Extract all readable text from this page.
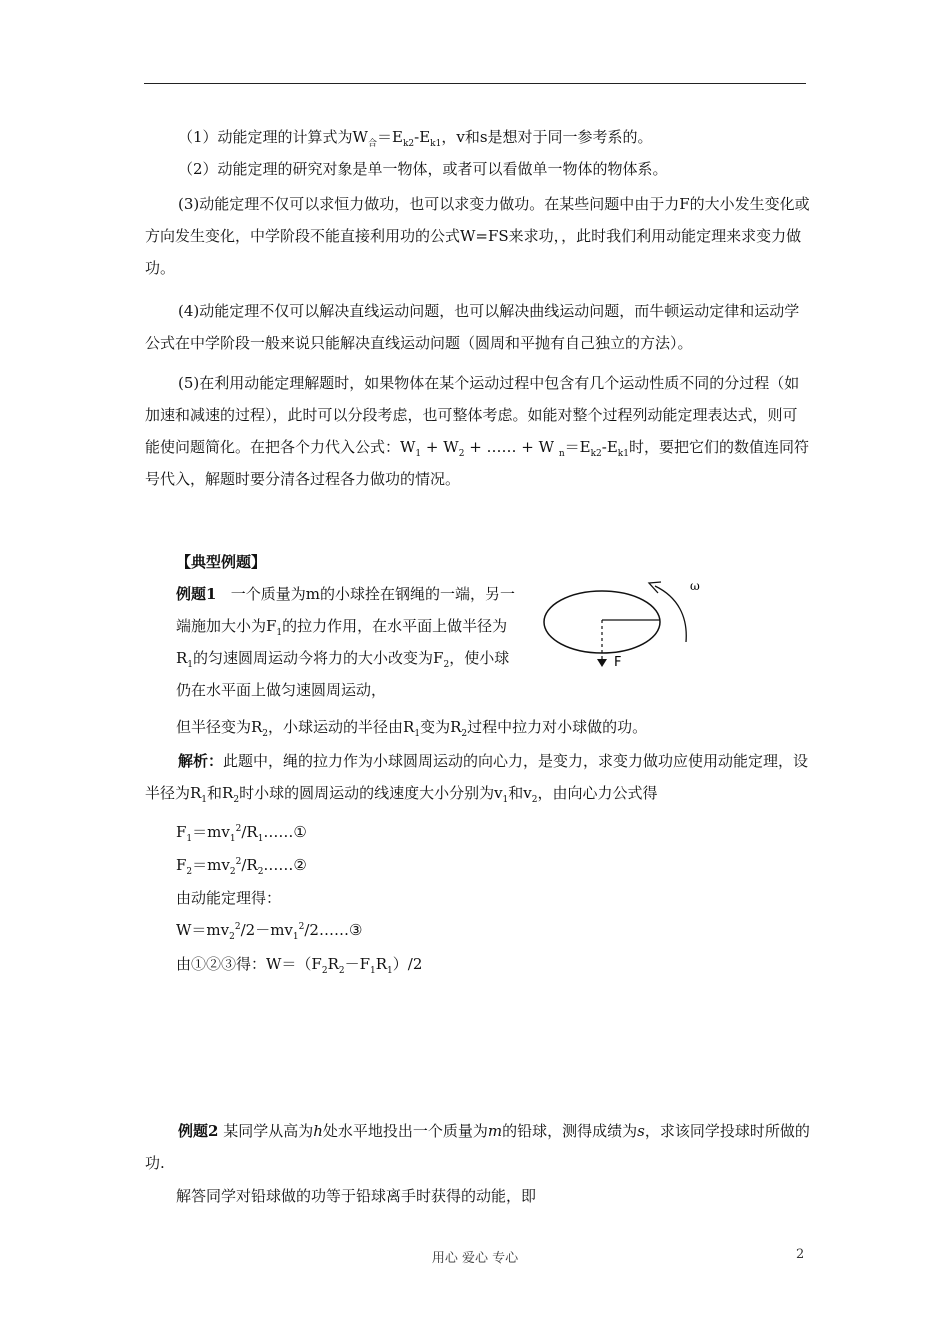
（1）动能定理的计算式为$W_合=E_{k2}-E_{k1}$，v和s是想对于同一参考系的。
（2）动能定理的研究对象是单一物体，或者可以看做单一物体的物体系。
(3)动能定理不仅可以求恒力做功，也可以求变力做功。在某些问题中由于力F的大小发生变化或方向发生变化，中学阶段不能直接利用功的公式W=FS来求功，，此时我们利用动能定理来求变力做功。
(4)动能定理不仅可以解决直线运动问题，也可以解决曲线运动问题，而牛顿运动定律和运动学公式在中学阶段一般来说只能解决直线运动问题（圆周和平抛有自己独立的方法）。
(5)在利用动能定理解题时，如果物体在某个运动过程中包含有几个运动性质不同的分过程（如加速和减速的过程），此时可以分段考虑，也可整体考虑。如能对整个过程列动能定理表达式，则可能使问题简化。在把各个力代入公式：$W_1 + W_2$ + …… + W $_n=E_{k2}-E_{k1}$时，要把它们的数值连同符号代入，解题时要分清各过程各力做功的情况。
【典型例题】
例题1 一个质量为m的小球拴在钢绳的一端，另一端施加大小为$F_1$的拉力作用，在水平面上做半径为$R_1$的匀速圆周运动今将力的大小改变为$F_2$，使小球仍在水平面上做匀速圆周运动，
但半径变为$R_2$，小球运动的半径由$R_1$变为$R_2$过程中拉力对小球做的功。
ω
F
解析：此题中，绳的拉力作为小球圆周运动的向心力，是变力，求变力做功应使用动能定理，设半径为$R_1$和$R_2$时小球的圆周运动的线速度大小分别为$v_1$和$v_2$，由向心力公式得
$F_1=mv_1^2/R_1\dots\dots ①$
$F_2=mv_2^2/R_2\dots\dots ②$
由动能定理得：
$W=mv_2^2/2-mv_1^2/2\dots\dots ③$
由①②③得：$W=(F_2R_2-F_1R_1)/2$
例题2 某同学从高为h处水平地投出一个质量为m的铅球，测得成绩为s，求该同学投球时所做的功.
解答同学对铅球做的功等于铅球离手时获得的动能，即
用心 爱心 专心	2
